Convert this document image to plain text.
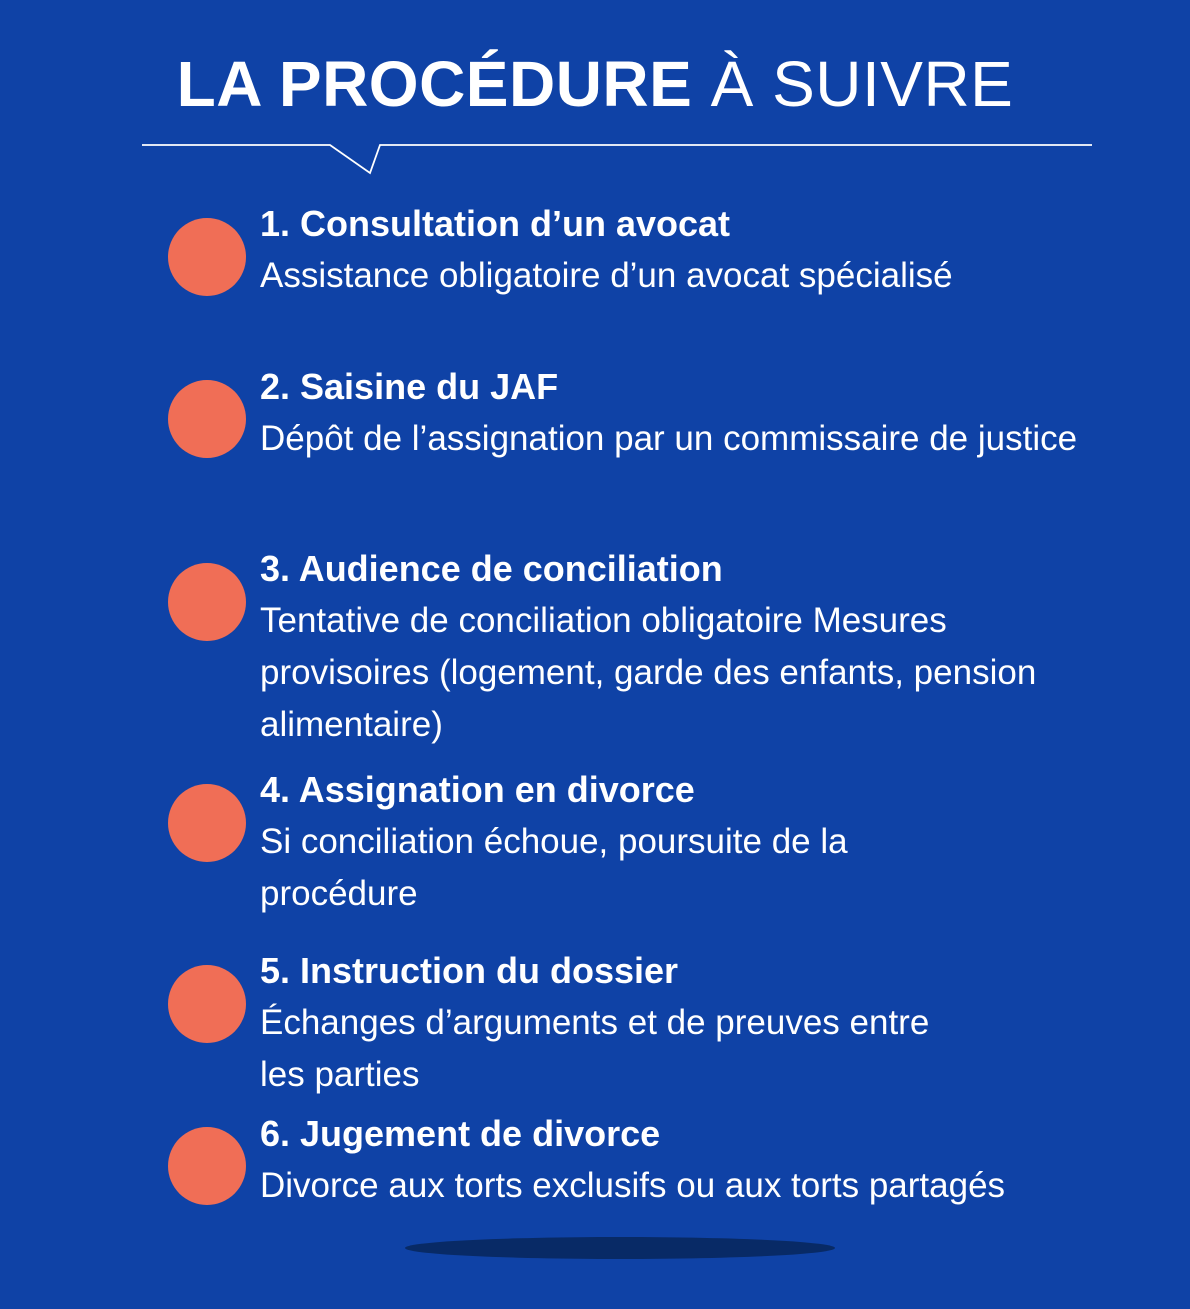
LA PROCÉDURE À SUIVRE
1. Consultation d’un avocat
Assistance obligatoire d’un avocat spécialisé
2. Saisine du JAF
Dépôt de l’assignation par un commissaire de justice
3. Audience de conciliation
Tentative de conciliation obligatoire Mesures provisoires (logement, garde des enfants, pension alimentaire)
4. Assignation en divorce
Si conciliation échoue, poursuite de la procédure
5. Instruction du dossier
Échanges d’arguments et de preuves entre les parties
6. Jugement de divorce
Divorce aux torts exclusifs ou aux torts partagés
